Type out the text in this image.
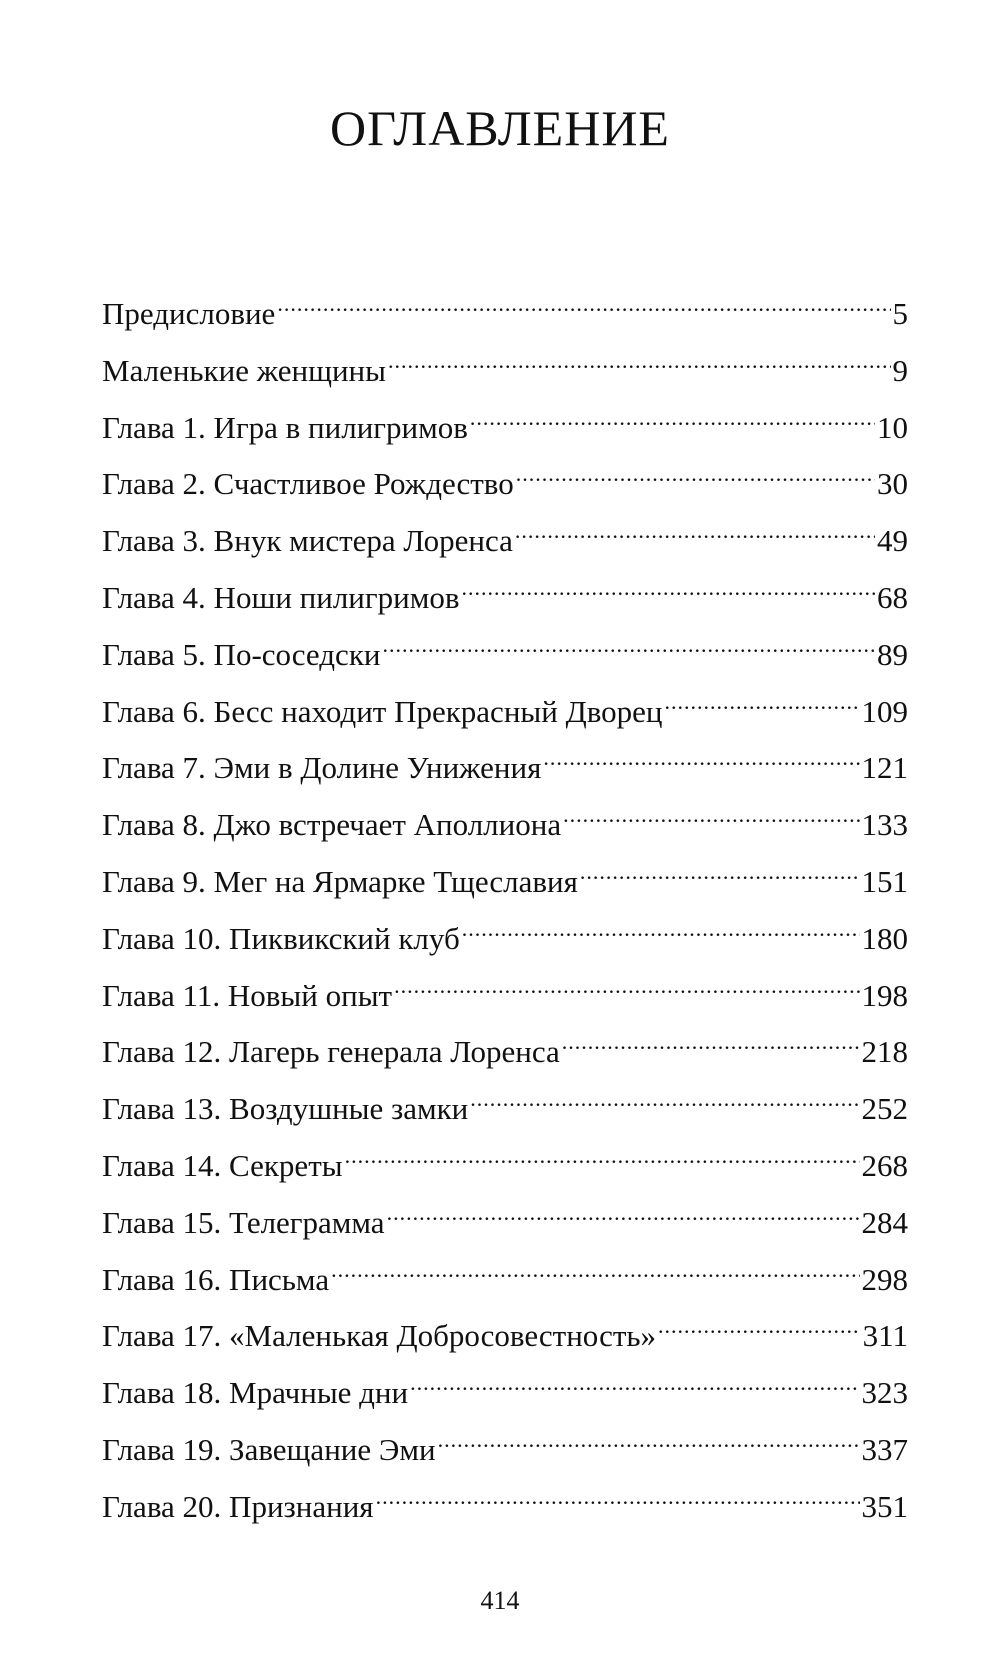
ОГЛАВЛЕНИЕ
Предисловие .....	5
Маленькие женщины .....	9
Глава 1. Игра в пилигримов .....	10
Глава 2. Счастливое Рождество .....	30
Глава 3. Внук мистера Лоренса .....	49
Глава 4. Ноши пилигримов .....	68
Глава 5. По-соседски .....	89
Глава 6. Бесс находит Прекрасный Дворец .....	109
Глава 7. Эми в Долине Унижения .....	121
Глава 8. Джо встречает Аполлиона .....	133
Глава 9. Мег на Ярмарке Тщеславия .....	151
Глава 10. Пиквикский клуб .....	180
Глава 11. Новый опыт .....	198
Глава 12. Лагерь генерала Лоренса .....	218
Глава 13. Воздушные замки .....	252
Глава 14. Секреты .....	268
Глава 15. Телеграмма .....	284
Глава 16. Письма .....	298
Глава 17. «Маленькая Добросовестность» .....	311
Глава 18. Мрачные дни .....	323
Глава 19. Завещание Эми .....	337
Глава 20. Признания .....	351
414
